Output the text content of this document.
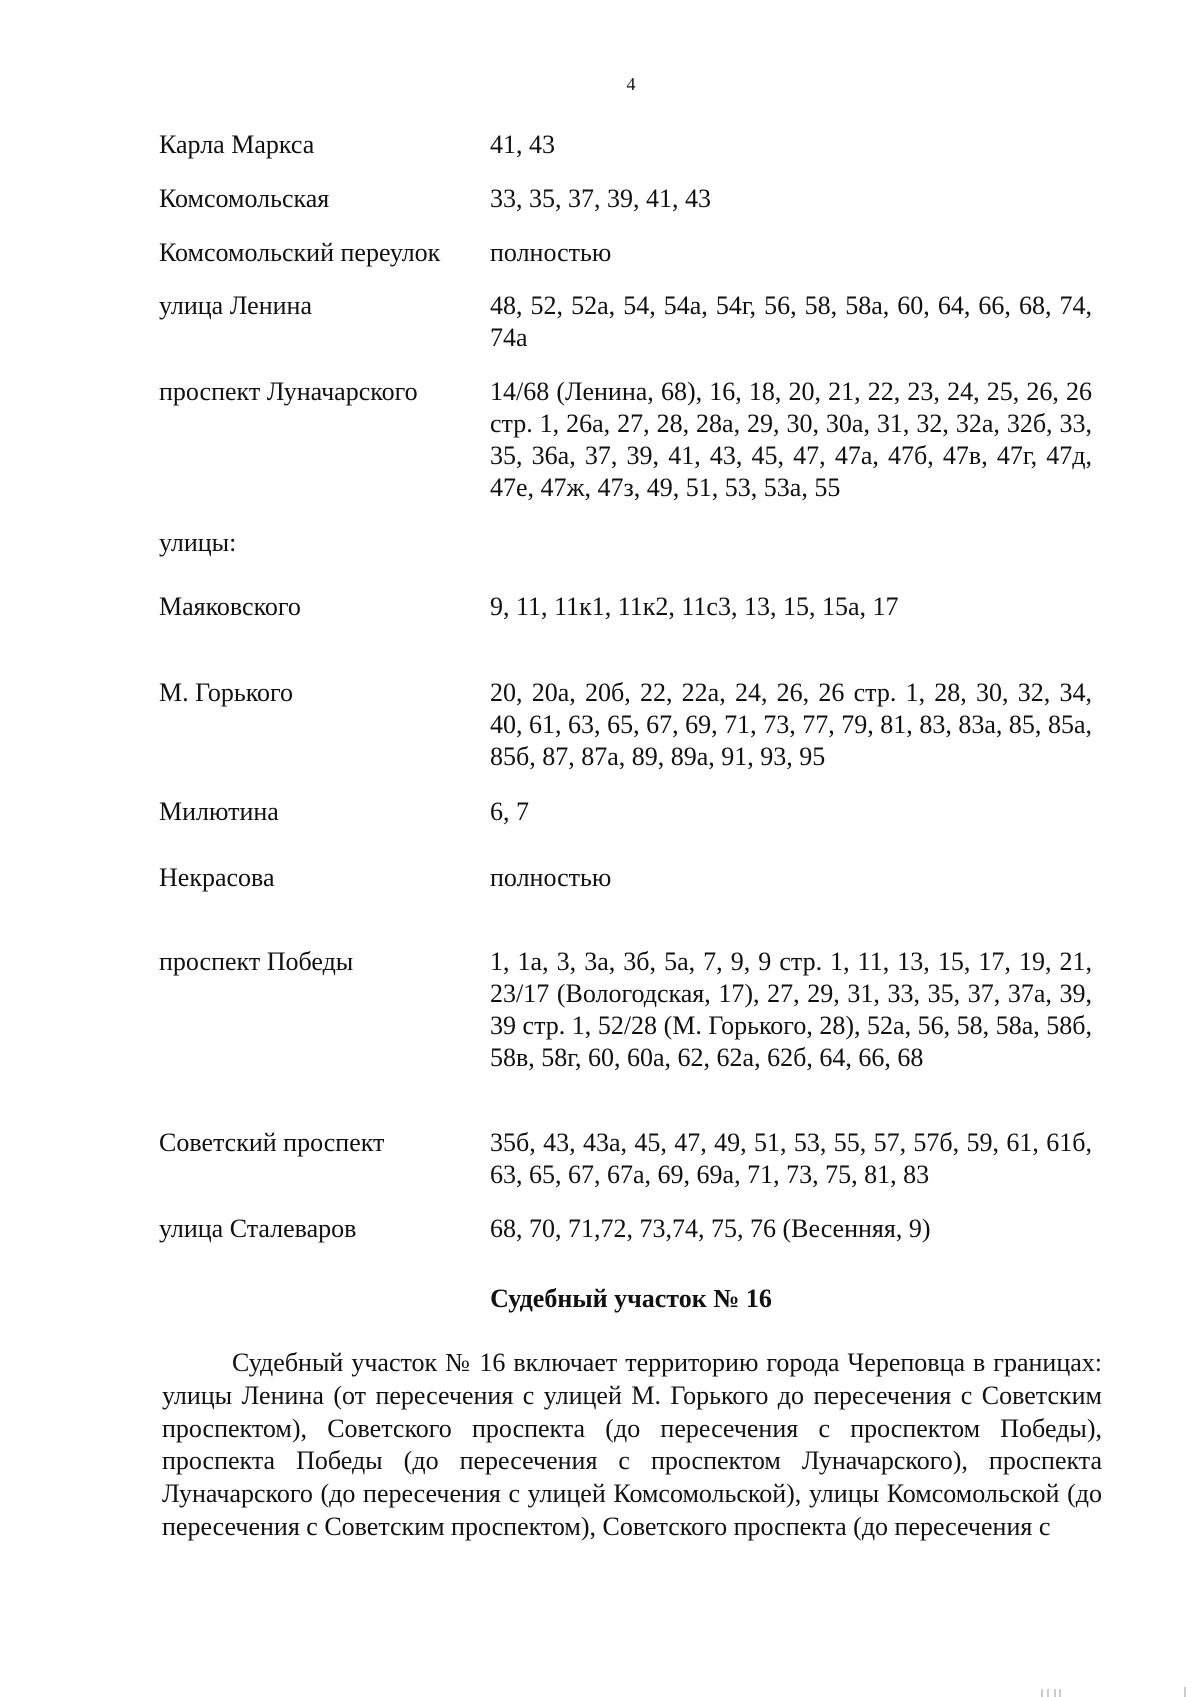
4
Карла Маркса	41, 43
Комсомольская	33, 35, 37, 39, 41, 43
Комсомольский переулок	полностью
улица Ленина	48, 52, 52а, 54, 54а, 54г, 56, 58, 58а, 60, 64, 66, 68, 74, 74а
проспект Луначарского	14/68 (Ленина, 68), 16, 18, 20, 21, 22, 23, 24, 25, 26, 26 стр. 1, 26а, 27, 28, 28а, 29, 30, 30а, 31, 32, 32а, 32б, 33, 35, 36а, 37, 39, 41, 43, 45, 47, 47а, 47б, 47в, 47г, 47д, 47е, 47ж, 47з, 49, 51, 53, 53а, 55
улицы:
Маяковского	9, 11, 11к1, 11к2, 11с3, 13, 15, 15а, 17
М. Горького	20, 20а, 20б, 22, 22а, 24, 26, 26 стр. 1, 28, 30, 32, 34, 40, 61, 63, 65, 67, 69, 71, 73, 77, 79, 81, 83, 83а, 85, 85а, 85б, 87, 87а, 89, 89а, 91, 93, 95
Милютина	6, 7
Некрасова	полностью
проспект Победы	1, 1а, 3, 3а, 3б, 5а, 7, 9, 9 стр. 1, 11, 13, 15, 17, 19, 21, 23/17 (Вологодская, 17), 27, 29, 31, 33, 35, 37, 37а, 39, 39 стр. 1, 52/28 (М. Горького, 28), 52а, 56, 58, 58а, 58б, 58в, 58г, 60, 60а, 62, 62а, 62б, 64, 66, 68
Советский проспект	35б, 43, 43а, 45, 47, 49, 51, 53, 55, 57, 57б, 59, 61, 61б, 63, 65, 67, 67а, 69, 69а, 71, 73, 75, 81, 83
улица Сталеваров	68, 70, 71,72, 73,74, 75, 76 (Весенняя, 9)
Судебный участок № 16

Судебный участок № 16 включает территорию города Череповца в границах: улицы Ленина (от пересечения с улицей М. Горького до пересечения с Советским проспектом), Советского проспекта (до пересечения с проспектом Победы), проспекта Победы (до пересечения с проспектом Луначарского), проспекта Луначарского (до пересечения с улицей Комсомольской), улицы Комсомольской (до пересечения с Советским проспектом), Советского проспекта (до пересечения с
